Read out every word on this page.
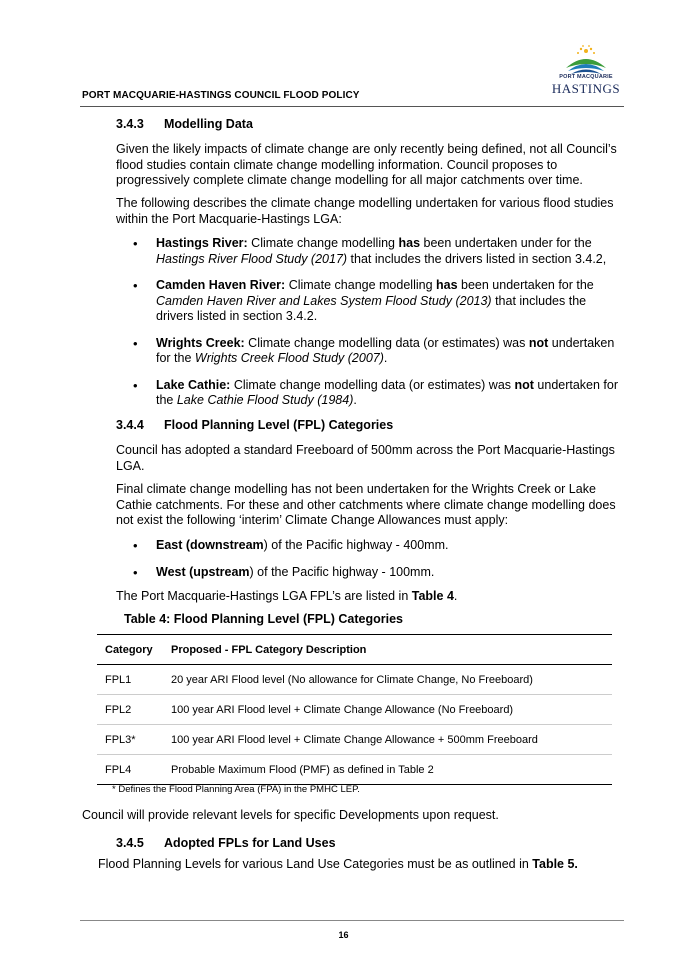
PORT MACQUARIE-HASTINGS COUNCIL FLOOD POLICY
PORT MACQUARIE
HASTINGS
3.4.3 Modelling Data
Given the likely impacts of climate change are only recently being defined, not all Council’s flood studies contain climate change modelling information. Council proposes to progressively complete climate change modelling for all major catchments over time.
The following describes the climate change modelling undertaken for various flood studies within the Port Macquarie-Hastings LGA:
• Hastings River: Climate change modelling has been undertaken under for the Hastings River Flood Study (2017) that includes the drivers listed in section 3.4.2,
• Camden Haven River: Climate change modelling has been undertaken for the Camden Haven River and Lakes System Flood Study (2013) that includes the drivers listed in section 3.4.2.
• Wrights Creek: Climate change modelling data (or estimates) was not undertaken for the Wrights Creek Flood Study (2007).
• Lake Cathie: Climate change modelling data (or estimates) was not undertaken for the Lake Cathie Flood Study (1984).
3.4.4 Flood Planning Level (FPL) Categories
Council has adopted a standard Freeboard of 500mm across the Port Macquarie-Hastings LGA.
Final climate change modelling has not been undertaken for the Wrights Creek or Lake Cathie catchments. For these and other catchments where climate change modelling does not exist the following ‘interim’ Climate Change Allowances must apply:
• East (downstream) of the Pacific highway - 400mm.
• West (upstream) of the Pacific highway - 100mm.
The Port Macquarie-Hastings LGA FPL’s are listed in Table 4.
Table 4: Flood Planning Level (FPL) Categories
Category	Proposed - FPL Category Description
FPL1	20 year ARI Flood level (No allowance for Climate Change, No Freeboard)
FPL2	100 year ARI Flood level + Climate Change Allowance (No Freeboard)
FPL3*	100 year ARI Flood level + Climate Change Allowance + 500mm Freeboard
FPL4	Probable Maximum Flood (PMF) as defined in Table 2
* Defines the Flood Planning Area (FPA) in the PMHC LEP.
Council will provide relevant levels for specific Developments upon request.
3.4.5 Adopted FPLs for Land Uses
Flood Planning Levels for various Land Use Categories must be as outlined in Table 5.
16
